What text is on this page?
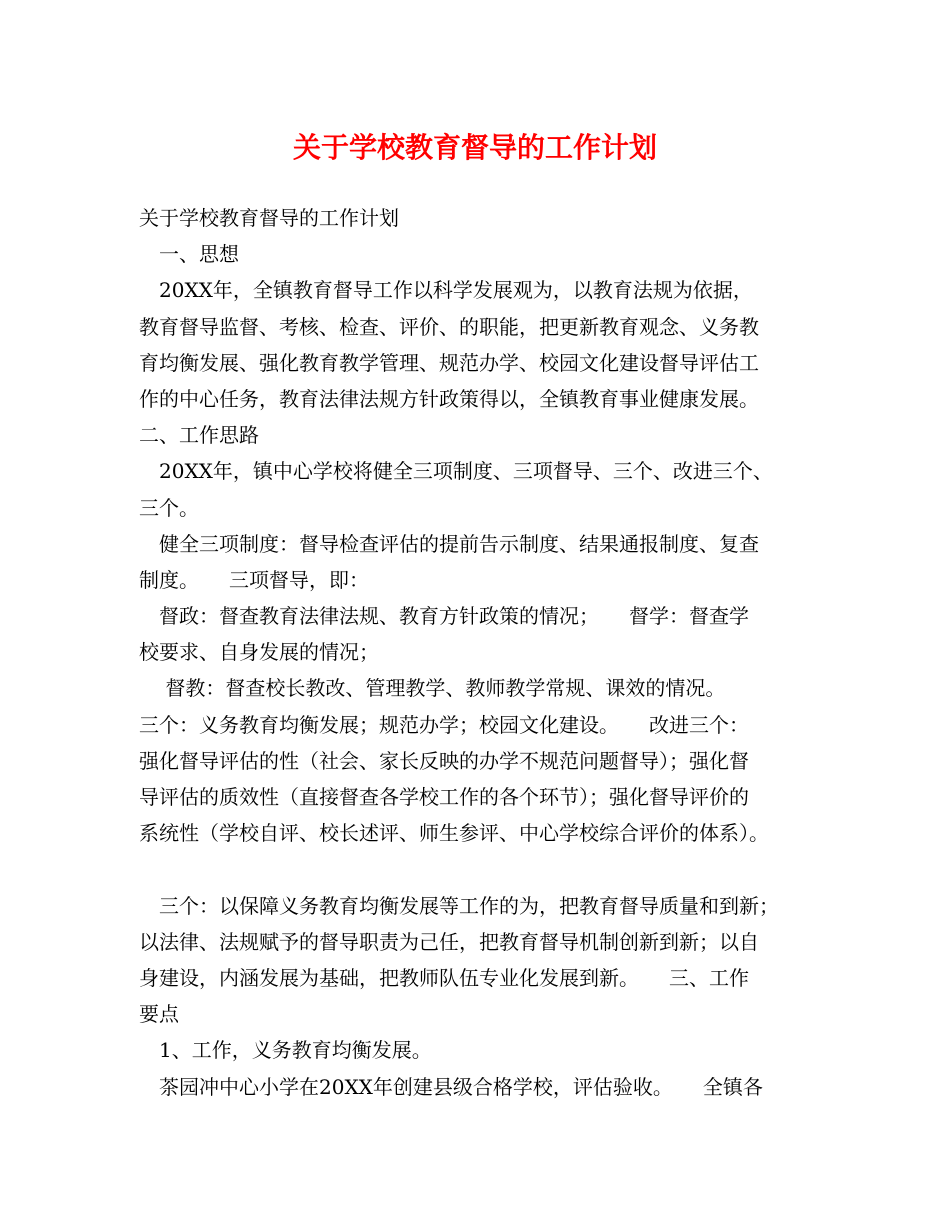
关于学校教育督导的工作计划
关于学校教育督导的工作计划
　一、思想
　20XX年，全镇教育督导工作以科学发展观为，以教育法规为依据，
教育督导监督、考核、检查、评价、的职能，把更新教育观念、义务教
育均衡发展、强化教育教学管理、规范办学、校园文化建设督导评估工
作的中心任务，教育法律法规方针政策得以，全镇教育事业健康发展。
二、工作思路
　20XX年，镇中心学校将健全三项制度、三项督导、三个、改进三个、
三个。
　健全三项制度：督导检查评估的提前告示制度、结果通报制度、复查
制度。　　三项督导，即：
　督政：督查教育法律法规、教育方针政策的情况；　　督学：督查学
校要求、自身发展的情况；
　 督教：督查校长教改、管理教学、教师教学常规、课效的情况。
三个：义务教育均衡发展；规范办学；校园文化建设。　　改进三个：
强化督导评估的性（社会、家长反映的办学不规范问题督导）；强化督
导评估的质效性（直接督查各学校工作的各个环节）；强化督导评价的
系统性（学校自评、校长述评、师生参评、中心学校综合评价的体系）。
　三个：以保障义务教育均衡发展等工作的为，把教育督导质量和到新；
以法律、法规赋予的督导职责为己任，把教育督导机制创新到新；以自
身建设，内涵发展为基础，把教师队伍专业化发展到新。　　三、工作
要点
　1、工作，义务教育均衡发展。
　茶园冲中心小学在20XX年创建县级合格学校，评估验收。　　全镇各
